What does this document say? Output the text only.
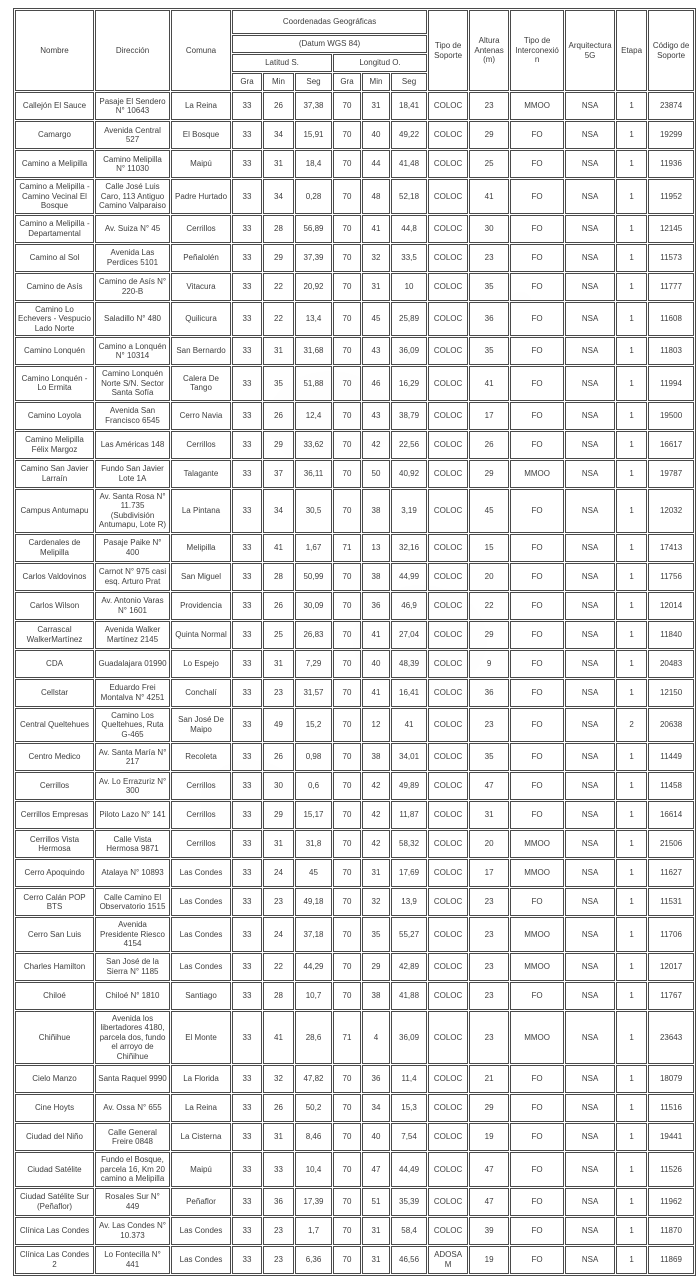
Nombre	Dirección	Comuna	Coordenadas Geográficas						Tipo de Soporte	Altura Antenas (m)	Tipo de Interconexión	Arquitectura 5G	Etapa	Código de Soporte
			(Datum WGS 84)											
			Latitud S.			Longitud O.								
			Gra	Min	Seg	Gra	Min	Seg						
Callejón El Sauce	Pasaje El Sendero N° 10643	La Reina	33	26	37,38	70	31	18,41	COLOC	23	MMOO	NSA	1	23874
Camargo	Avenida Central 527	El Bosque	33	34	15,91	70	40	49,22	COLOC	29	FO	NSA	1	19299
Camino a Melipilla	Camino Melipilla N° 11030	Maipú	33	31	18,4	70	44	41,48	COLOC	25	FO	NSA	1	11936
Camino a Melipilla - Camino Vecinal El Bosque	Calle José Luis Caro, 113 Antiguo Camino Valparaiso	Padre Hurtado	33	34	0,28	70	48	52,18	COLOC	41	FO	NSA	1	11952
Camino a Melipilla - Departamental	Av. Suiza N° 45	Cerrillos	33	28	56,89	70	41	44,8	COLOC	30	FO	NSA	1	12145
Camino al Sol	Avenida Las Perdices 5101	Peñalolén	33	29	37,39	70	32	33,5	COLOC	23	FO	NSA	1	11573
Camino de Asís	Camino de Asís N° 220-B	Vitacura	33	22	20,92	70	31	10	COLOC	35	FO	NSA	1	11777
Camino Lo Echevers - Vespucio Lado Norte	Saladillo N° 480	Quilicura	33	22	13,4	70	45	25,89	COLOC	36	FO	NSA	1	11608
Camino Lonquén	Camino a Lonquén N° 10314	San Bernardo	33	31	31,68	70	43	36,09	COLOC	35	FO	NSA	1	11803
Camino Lonquén - Lo Ermita	Camino Lonquén Norte S/N. Sector Santa Sofía	Calera De Tango	33	35	51,88	70	46	16,29	COLOC	41	FO	NSA	1	11994
Camino Loyola	Avenida San Francisco 6545	Cerro Navia	33	26	12,4	70	43	38,79	COLOC	17	FO	NSA	1	19500
Camino Melipilla Félix Margoz	Las Américas 148	Cerrillos	33	29	33,62	70	42	22,56	COLOC	26	FO	NSA	1	16617
Camino San Javier Larraín	Fundo San Javier Lote 1A	Talagante	33	37	36,11	70	50	40,92	COLOC	29	MMOO	NSA	1	19787
Campus Antumapu	Av. Santa Rosa N° 11.735 (Subdivisión Antumapu, Lote R)	La Pintana	33	34	30,5	70	38	3,19	COLOC	45	FO	NSA	1	12032
Cardenales de Melipilla	Pasaje Paike N° 400	Melipilla	33	41	1,67	71	13	32,16	COLOC	15	FO	NSA	1	17413
Carlos Valdovinos	Carnot N° 975 casi esq. Arturo Prat	San Miguel	33	28	50,99	70	38	44,99	COLOC	20	FO	NSA	1	11756
Carlos Wilson	Av. Antonio Varas N° 1601	Providencia	33	26	30,09	70	36	46,9	COLOC	22	FO	NSA	1	12014
Carrascal WalkerMartínez	Avenida Walker Martínez 2145	Quinta Normal	33	25	26,83	70	41	27,04	COLOC	29	FO	NSA	1	11840
CDA	Guadalajara 01990	Lo Espejo	33	31	7,29	70	40	48,39	COLOC	9	FO	NSA	1	20483
Cellstar	Eduardo Frei Montalva N° 4251	Conchalí	33	23	31,57	70	41	16,41	COLOC	36	FO	NSA	1	12150
Central Queltehues	Camino Los Queltehues, Ruta G-465	San José De Maipo	33	49	15,2	70	12	41	COLOC	23	FO	NSA	2	20638
Centro Medico	Av. Santa María N° 217	Recoleta	33	26	0,98	70	38	34,01	COLOC	35	FO	NSA	1	11449
Cerrillos	Av. Lo Errazuriz N° 300	Cerrillos	33	30	0,6	70	42	49,89	COLOC	47	FO	NSA	1	11458
Cerrillos Empresas	Piloto Lazo N° 141	Cerrillos	33	29	15,17	70	42	11,87	COLOC	31	FO	NSA	1	16614
Cerrillos Vista Hermosa	Calle Vista Hermosa 9871	Cerrillos	33	31	31,8	70	42	58,32	COLOC	20	MMOO	NSA	1	21506
Cerro Apoquindo	Atalaya N° 10893	Las Condes	33	24	45	70	31	17,69	COLOC	17	MMOO	NSA	1	11627
Cerro Calán POP BTS	Calle Camino El Observatorio 1515	Las Condes	33	23	49,18	70	32	13,9	COLOC	23	FO	NSA	1	11531
Cerro San Luis	Avenida Presidente Riesco 4154	Las Condes	33	24	37,18	70	35	55,27	COLOC	23	MMOO	NSA	1	11706
Charles Hamilton	San José de la Sierra N° 1185	Las Condes	33	22	44,29	70	29	42,89	COLOC	23	MMOO	NSA	1	12017
Chiloé	Chiloé N° 1810	Santiago	33	28	10,7	70	38	41,88	COLOC	23	FO	NSA	1	11767
Chiñihue	Avenida los libertadores 4180, parcela dos, fundo el arroyo de Chiñihue	El Monte	33	41	28,6	71	4	36,09	COLOC	23	MMOO	NSA	1	23643
Cielo Manzo	Santa Raquel 9990	La Florida	33	32	47,82	70	36	11,4	COLOC	21	FO	NSA	1	18079
Cine Hoyts	Av. Ossa N° 655	La Reina	33	26	50,2	70	34	15,3	COLOC	29	FO	NSA	1	11516
Ciudad del Niño	Calle General Freire 0848	La Cisterna	33	31	8,46	70	40	7,54	COLOC	19	FO	NSA	1	19441
Ciudad Satélite	Fundo el Bosque, parcela 16, Km 20 camino a Melipilla	Maipú	33	33	10,4	70	47	44,49	COLOC	47	FO	NSA	1	11526
Ciudad Satélite Sur (Peñaflor)	Rosales Sur N° 449	Peñaflor	33	36	17,39	70	51	35,39	COLOC	47	FO	NSA	1	11962
Clínica Las Condes	Av. Las Condes N° 10.373	Las Condes	33	23	1,7	70	31	58,4	COLOC	39	FO	NSA	1	11870
Clínica Las Condes 2	Lo Fontecilla N° 441	Las Condes	33	23	6,36	70	31	46,56	ADOSAM	19	FO	NSA	1	11869
